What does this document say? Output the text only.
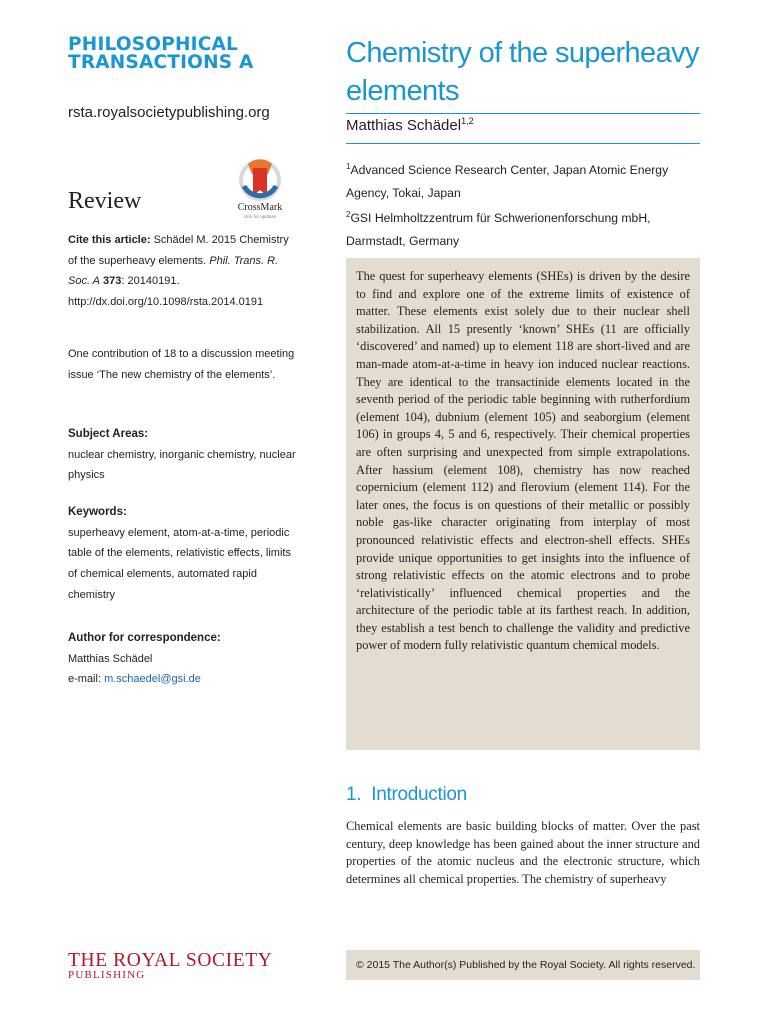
PHILOSOPHICAL
TRANSACTIONS A
rsta.royalsocietypublishing.org
Review	CrossMark
click for updates
Cite this article: Schädel M. 2015 Chemistry of the superheavy elements. Phil. Trans. R. Soc. A 373: 20140191. http://dx.doi.org/10.1098/rsta.2014.0191
One contribution of 18 to a discussion meeting issue ‘The new chemistry of the elements’.
Subject Areas:
nuclear chemistry, inorganic chemistry, nuclear physics
Keywords:
superheavy element, atom-at-a-time, periodic table of the elements, relativistic effects, limits of chemical elements, automated rapid chemistry
Author for correspondence:
Matthias Schädel
e-mail: m.schaedel@gsi.de
THE ROYAL SOCIETY
PUBLISHING
Chemistry of the superheavy elements
Matthias Schädel$^{1,2}$
$^1$Advanced Science Research Center, Japan Atomic Energy Agency, Tokai, Japan
$^2$GSI Helmholtzzentrum für Schwerionenforschung mbH, Darmstadt, Germany

The quest for superheavy elements (SHEs) is driven by the desire to find and explore one of the extreme limits of existence of matter. These elements exist solely due to their nuclear shell stabilization. All 15 presently ‘known’ SHEs (11 are officially ‘discovered’ and named) up to element 118 are short-lived and are man-made atom-at-a-time in heavy ion induced nuclear reactions. They are identical to the transactinide elements located in the seventh period of the periodic table beginning with rutherfordium (element 104), dubnium (element 105) and seaborgium (element 106) in groups 4, 5 and 6, respectively. Their chemical properties are often surprising and unexpected from simple extrapolations. After hassium (element 108), chemistry has now reached copernicium (element 112) and flerovium (element 114). For the later ones, the focus is on questions of their metallic or possibly noble gas-like character originating from interplay of most pronounced relativistic effects and electron-shell effects. SHEs provide unique opportunities to get insights into the influence of strong relativistic effects on the atomic electrons and to probe ‘relativistically’ influenced chemical properties and the architecture of the periodic table at its farthest reach. In addition, they establish a test bench to challenge the validity and predictive power of modern fully relativistic quantum chemical models.

1. Introduction

Chemical elements are basic building blocks of matter. Over the past century, deep knowledge has been gained about the inner structure and properties of the atomic nucleus and the electronic structure, which determines all chemical properties. The chemistry of superheavy

© 2015 The Author(s) Published by the Royal Society. All rights reserved.
